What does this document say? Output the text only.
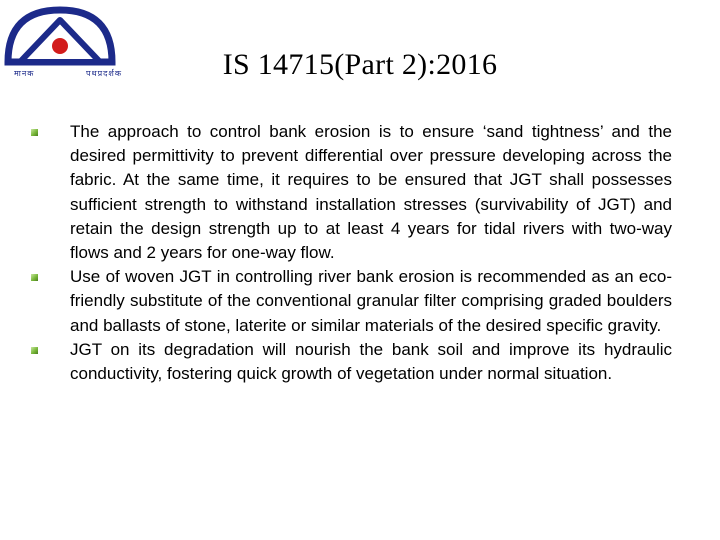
मानक	पथप्रदर्शक	IS 14715(Part 2):2016
The approach to control bank erosion is to ensure ‘sand tightness’ and the desired permittivity to prevent differential over pressure developing across the fabric. At the same time, it requires to be ensured that JGT shall possesses sufficient strength to withstand installation stresses (survivability of JGT) and retain the design strength up to at least 4 years for tidal rivers with two-way flows and 2 years for one-way flow.
Use of woven JGT in controlling river bank erosion is recommended as an eco-friendly substitute of the conventional granular filter comprising graded boulders and ballasts of stone, laterite or similar materials of the desired specific gravity.
JGT on its degradation will nourish the bank soil and improve its hydraulic conductivity, fostering quick growth of vegetation under normal situation.
